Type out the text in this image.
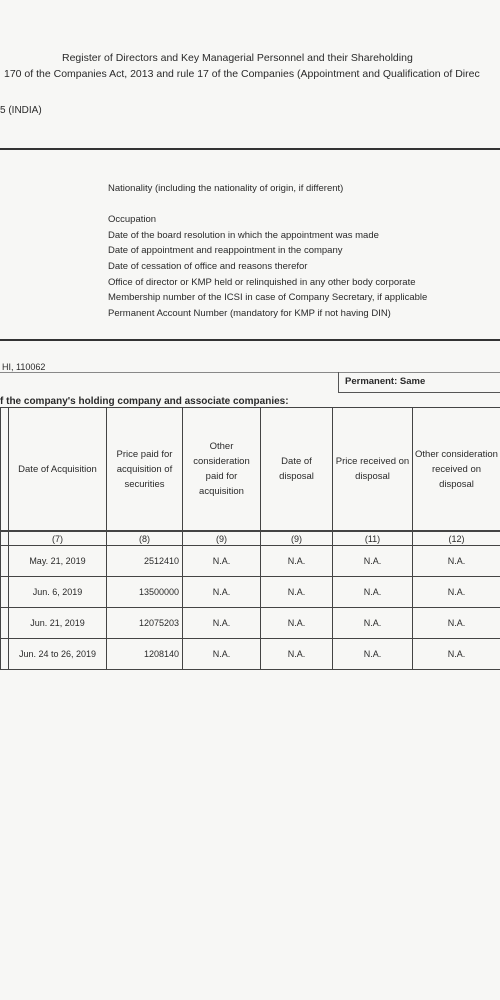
Register of Directors and Key Managerial Personnel and their Shareholding
170 of the Companies Act, 2013 and rule 17 of the Companies (Appointment and Qualification of Direc
5 (INDIA)
Nationality (including the nationality of origin, if different)

Occupation
Date of the board resolution in which the appointment was made
Date of appointment and reappointment in the company
Date of cessation of office and reasons therefor
Office of director or KMP held or relinquished in any other body corporate
Membership number of the ICSI in case of Company Secretary, if applicable
Permanent Account Number (mandatory for KMP if not having DIN)
HI, 110062
Permanent: Same
f the company's holding company and associate companies:
	Date of Acquisition	Price paid for acquisition of securities	Other consideration paid for acquisition	Date of disposal	Price received on disposal	Other consideration received on disposal
	(7)	(8)	(9)	(9)	(11)	(12)
	May. 21, 2019	2512410	N.A.	N.A.	N.A.	N.A.
	Jun. 6, 2019	13500000	N.A.	N.A.	N.A.	N.A.
	Jun. 21, 2019	12075203	N.A.	N.A.	N.A.	N.A.
	Jun. 24 to 26, 2019	1208140	N.A.	N.A.	N.A.	N.A.
